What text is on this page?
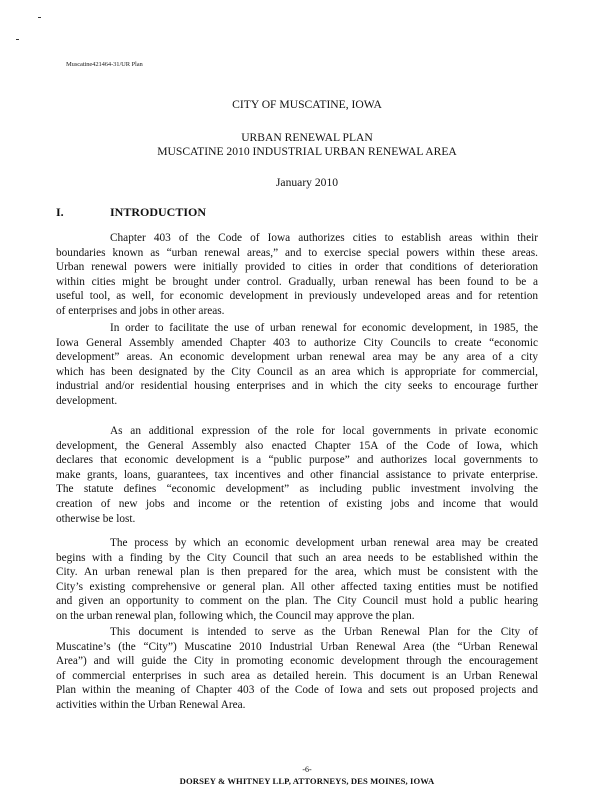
Muscatine421464-31/UR Plan
CITY OF MUSCATINE, IOWA
URBAN RENEWAL PLAN
MUSCATINE 2010 INDUSTRIAL URBAN RENEWAL AREA
January 2010
I.	INTRODUCTION
Chapter 403 of the Code of Iowa authorizes cities to establish areas within their
boundaries known as “urban renewal areas,” and to exercise special powers within these areas.
Urban renewal powers were initially provided to cities in order that conditions of deterioration
within cities might be brought under control. Gradually, urban renewal has been found to be a
useful tool, as well, for economic development in previously undeveloped areas and for retention
of enterprises and jobs in other areas.
In order to facilitate the use of urban renewal for economic development, in 1985, the
Iowa General Assembly amended Chapter 403 to authorize City Councils to create “economic
development” areas. An economic development urban renewal area may be any area of a city
which has been designated by the City Council as an area which is appropriate for commercial,
industrial and/or residential housing enterprises and in which the city seeks to encourage further
development.
As an additional expression of the role for local governments in private economic
development, the General Assembly also enacted Chapter 15A of the Code of Iowa, which
declares that economic development is a “public purpose” and authorizes local governments to
make grants, loans, guarantees, tax incentives and other financial assistance to private enterprise.
The statute defines “economic development” as including public investment involving the
creation of new jobs and income or the retention of existing jobs and income that would
otherwise be lost.
The process by which an economic development urban renewal area may be created
begins with a finding by the City Council that such an area needs to be established within the
City. An urban renewal plan is then prepared for the area, which must be consistent with the
City’s existing comprehensive or general plan. All other affected taxing entities must be notified
and given an opportunity to comment on the plan. The City Council must hold a public hearing
on the urban renewal plan, following which, the Council may approve the plan.
This document is intended to serve as the Urban Renewal Plan for the City of
Muscatine’s (the “City”) Muscatine 2010 Industrial Urban Renewal Area (the “Urban Renewal
Area”) and will guide the City in promoting economic development through the encouragement
of commercial enterprises in such area as detailed herein. This document is an Urban Renewal
Plan within the meaning of Chapter 403 of the Code of Iowa and sets out proposed projects and
activities within the Urban Renewal Area.
-6-
DORSEY & WHITNEY LLP, ATTORNEYS, DES MOINES, IOWA
